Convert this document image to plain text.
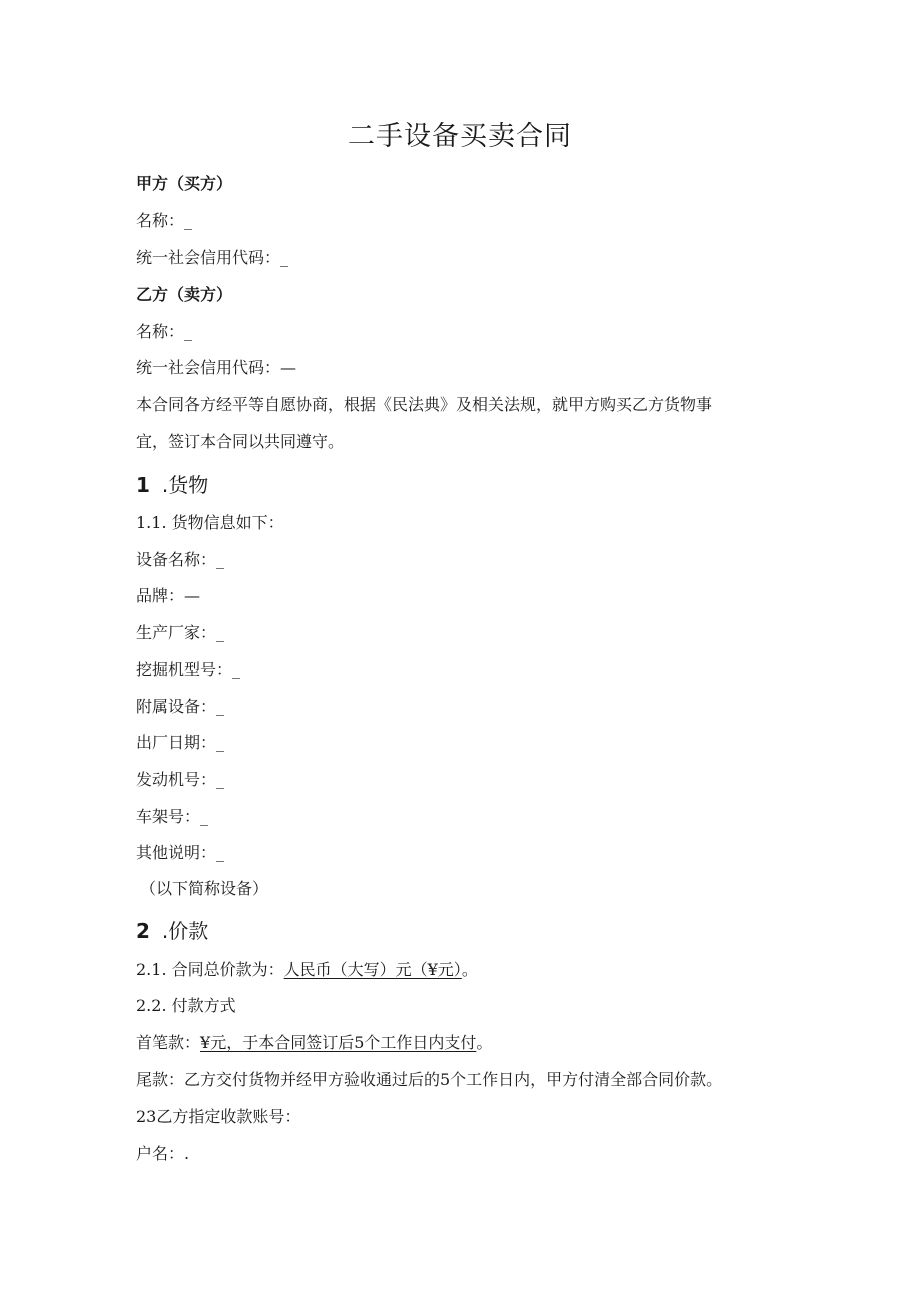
二手设备买卖合同

甲方（买方）

名称：_

统一社会信用代码：_

乙方（卖方）

名称：_

统一社会信用代码：—

本合同各方经平等自愿协商，根据《民法典》及相关法规，就甲方购买乙方货物事

宜，签订本合同以共同遵守。

1 .货物

1.1. 货物信息如下：

设备名称：_

品牌：—

生产厂家：_

挖掘机型号：_

附属设备：_

出厂日期：_

发动机号：_

车架号：_

其他说明：_

（以下简称设备）

2 .价款

2.1. 合同总价款为：人民币（大写）元（¥元）。

2.2. 付款方式

首笔款：¥元，于本合同签订后5个工作日内支付。

尾款：乙方交付货物并经甲方验收通过后的5个工作日内，甲方付清全部合同价款。

23乙方指定收款账号：

户名：.
